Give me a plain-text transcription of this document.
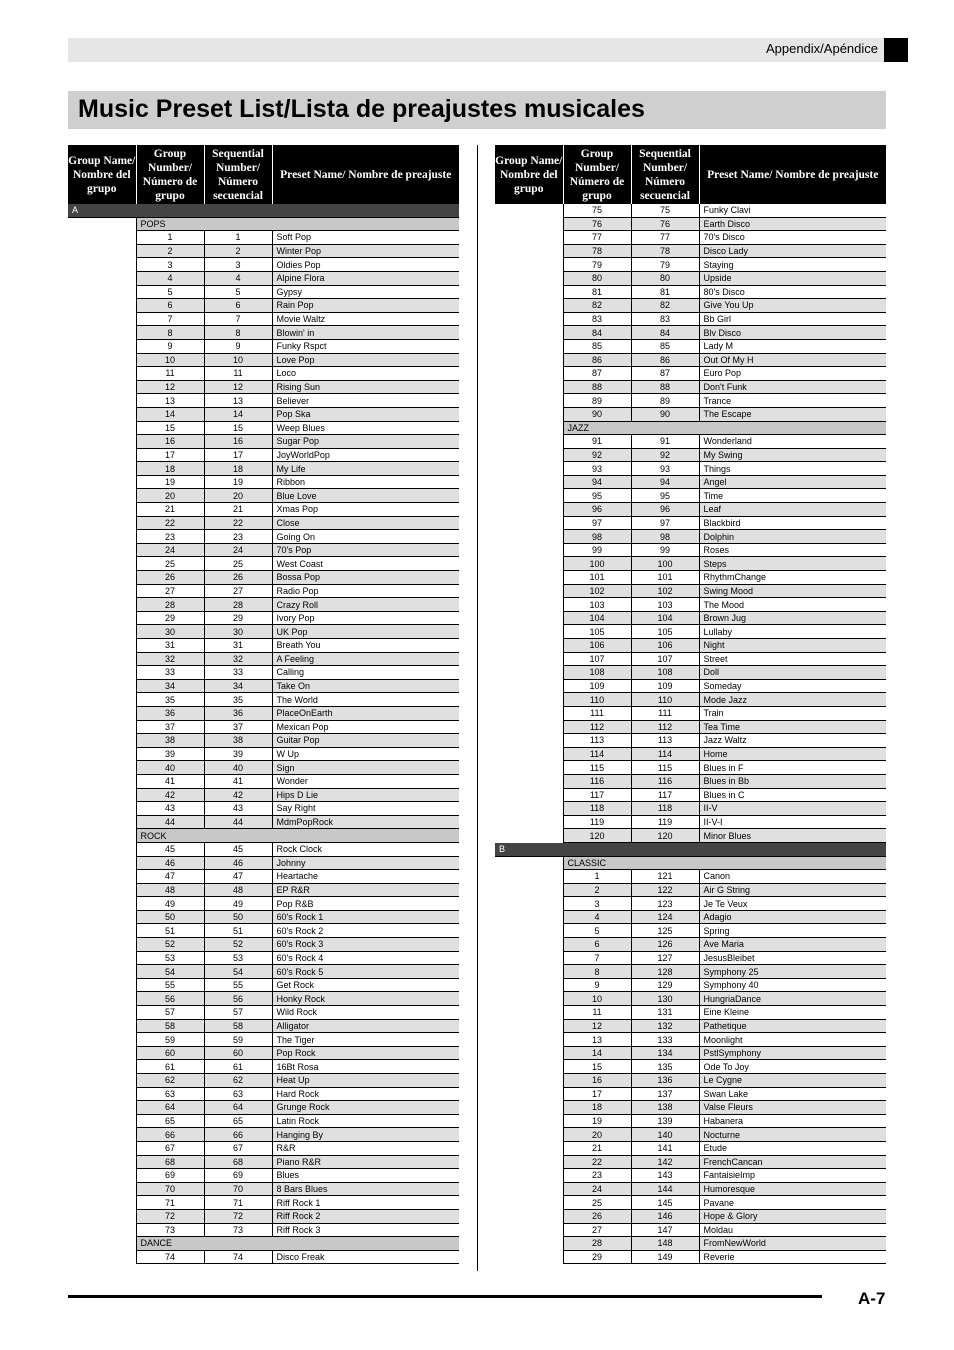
Appendix/Apéndice
Music Preset List/Lista de preajustes musicales
Group Name/ Nombre del grupo	Group Number/ Número de grupo	Sequential Number/ Número secuencial	Preset Name/ Nombre de preajuste
A			
	POPS		
	1	1	Soft Pop
	2	2	Winter Pop
	3	3	Oldies Pop
	4	4	Alpine Flora
	5	5	Gypsy
	6	6	Rain Pop
	7	7	Movie Waltz
	8	8	Blowin' in
	9	9	Funky Rspct
	10	10	Love Pop
	11	11	Loco
	12	12	Rising Sun
	13	13	Believer
	14	14	Pop Ska
	15	15	Weep Blues
	16	16	Sugar Pop
	17	17	JoyWorldPop
	18	18	My Life
	19	19	Ribbon
	20	20	Blue Love
	21	21	Xmas Pop
	22	22	Close
	23	23	Going On
	24	24	70's Pop
	25	25	West Coast
	26	26	Bossa Pop
	27	27	Radio Pop
	28	28	Crazy Roll
	29	29	Ivory Pop
	30	30	UK Pop
	31	31	Breath You
	32	32	A Feeling
	33	33	Calling
	34	34	Take On
	35	35	The World
	36	36	PlaceOnEarth
	37	37	Mexican Pop
	38	38	Guitar Pop
	39	39	W Up
	40	40	Sign
	41	41	Wonder
	42	42	Hips D Lie
	43	43	Say Right
	44	44	MdmPopRock
	ROCK		
	45	45	Rock Clock
	46	46	Johnny
	47	47	Heartache
	48	48	EP R&R
	49	49	Pop R&B
	50	50	60's Rock 1
	51	51	60's Rock 2
	52	52	60's Rock 3
	53	53	60's Rock 4
	54	54	60's Rock 5
	55	55	Get Rock
	56	56	Honky Rock
	57	57	Wild Rock
	58	58	Alligator
	59	59	The Tiger
	60	60	Pop Rock
	61	61	16Bt Rosa
	62	62	Heat Up
	63	63	Hard Rock
	64	64	Grunge Rock
	65	65	Latin Rock
	66	66	Hanging By
	67	67	R&R
	68	68	Piano R&R
	69	69	Blues
	70	70	8 Bars Blues
	71	71	Riff Rock 1
	72	72	Riff Rock 2
	73	73	Riff Rock 3
	DANCE		
	74	74	Disco Freak
Group Name/ Nombre del grupo	Group Number/ Número de grupo	Sequential Number/ Número secuencial	Preset Name/ Nombre de preajuste
	75	75	Funky Clavi
	76	76	Earth Disco
	77	77	70's Disco
	78	78	Disco Lady
	79	79	Staying
	80	80	Upside
	81	81	80's Disco
	82	82	Give You Up
	83	83	Bb Girl
	84	84	Blv Disco
	85	85	Lady M
	86	86	Out Of My H
	87	87	Euro Pop
	88	88	Don't Funk
	89	89	Trance
	90	90	The Escape
	JAZZ		
	91	91	Wonderland
	92	92	My Swing
	93	93	Things
	94	94	Angel
	95	95	Time
	96	96	Leaf
	97	97	Blackbird
	98	98	Dolphin
	99	99	Roses
	100	100	Steps
	101	101	RhythmChange
	102	102	Swing Mood
	103	103	The Mood
	104	104	Brown Jug
	105	105	Lullaby
	106	106	Night
	107	107	Street
	108	108	Doll
	109	109	Someday
	110	110	Mode Jazz
	111	111	Train
	112	112	Tea Time
	113	113	Jazz Waltz
	114	114	Home
	115	115	Blues in F
	116	116	Blues in Bb
	117	117	Blues in C
	118	118	II-V
	119	119	II-V-I
	120	120	Minor Blues
B			
	CLASSIC		
	1	121	Canon
	2	122	Air G String
	3	123	Je Te Veux
	4	124	Adagio
	5	125	Spring
	6	126	Ave Maria
	7	127	JesusBleibet
	8	128	Symphony 25
	9	129	Symphony 40
	10	130	HungriaDance
	11	131	Eine Kleine
	12	132	Pathetique
	13	133	Moonlight
	14	134	PstlSymphony
	15	135	Ode To Joy
	16	136	Le Cygne
	17	137	Swan Lake
	18	138	Valse Fleurs
	19	139	Habanera
	20	140	Nocturne
	21	141	Etude
	22	142	FrenchCancan
	23	143	FantaisieImp
	24	144	Humoresque
	25	145	Pavane
	26	146	Hope & Glory
	27	147	Moldau
	28	148	FromNewWorld
	29	149	Reverie
A-7
